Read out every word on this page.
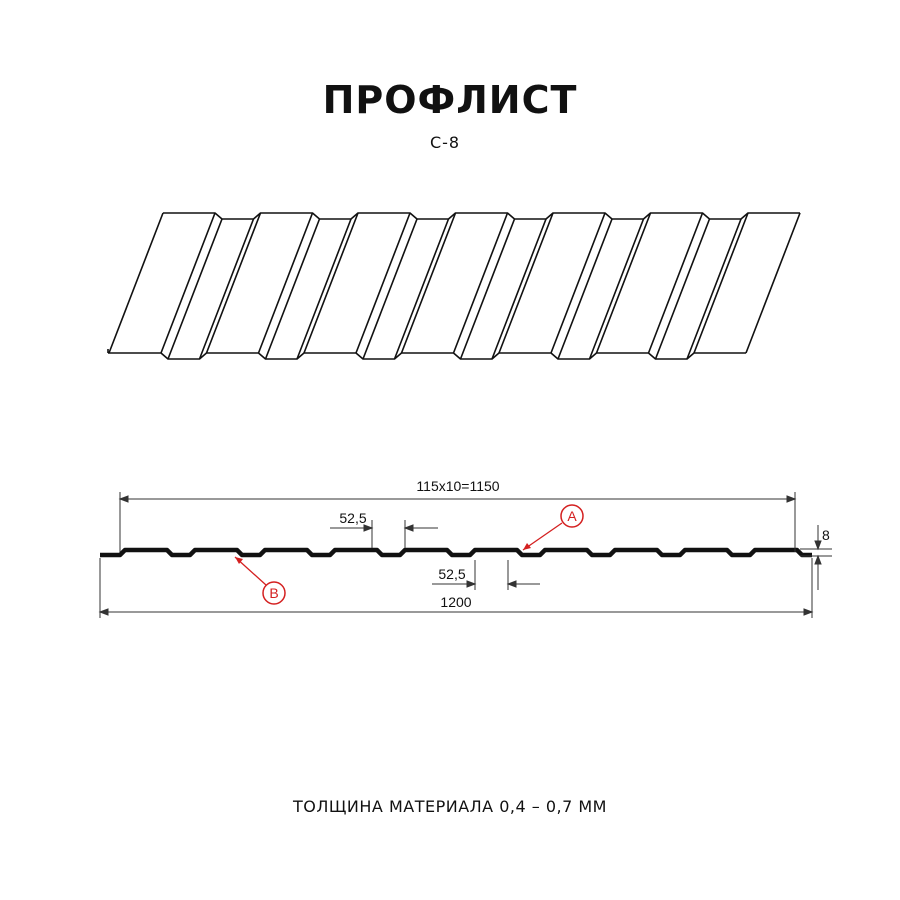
ПРОФЛИСТ
С-8
115x10=1150
52,5
52,5
8
1200
A
B
ТОЛЩИНА МАТЕРИАЛА 0,4 – 0,7 ММ
